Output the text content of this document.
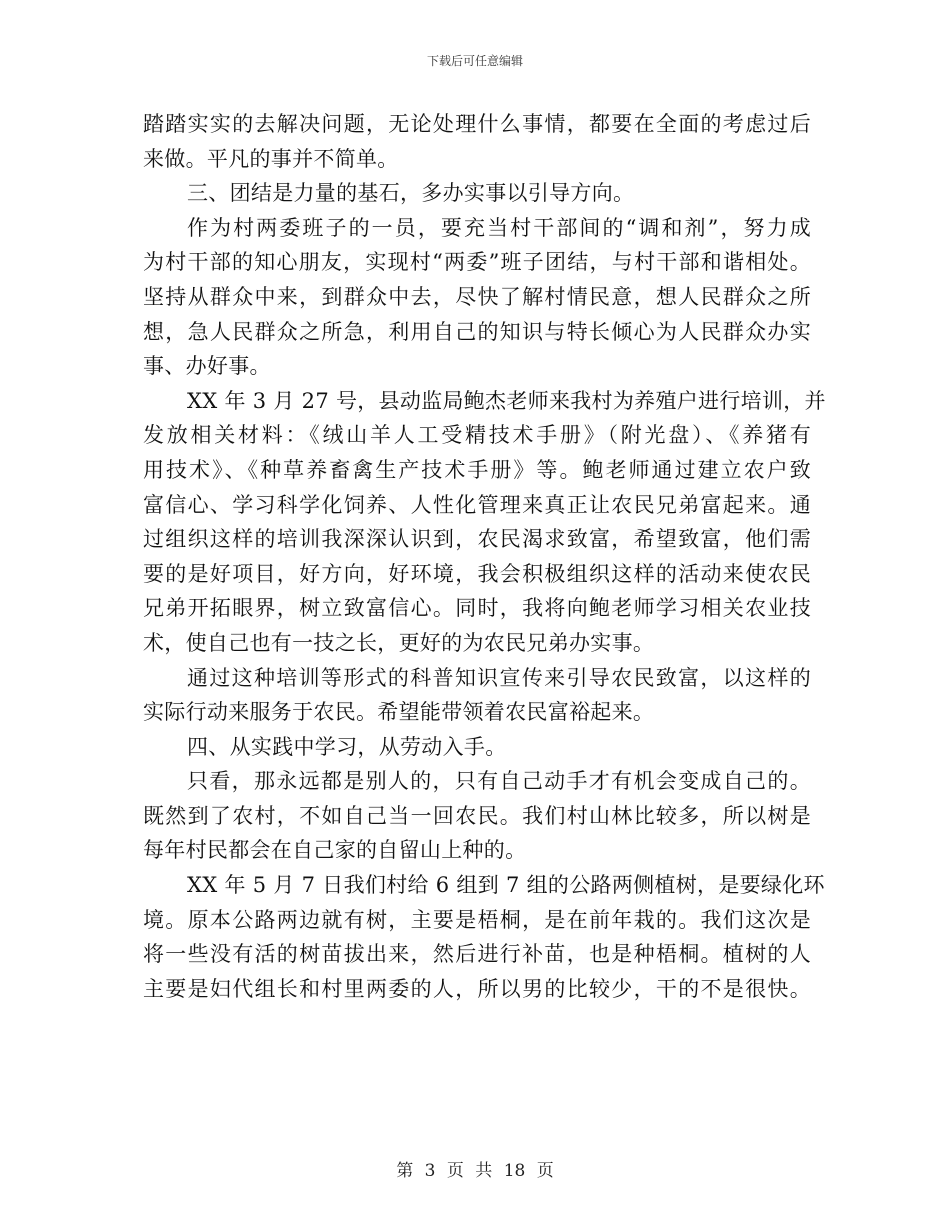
下载后可任意编辑
踏踏实实的去解决问题，无论处理什么事情，都要在全面的考虑过后
来做。平凡的事并不简单。
三、团结是力量的基石，多办实事以引导方向。
作为村两委班子的一员，要充当村干部间的“调和剂”，努力成
为村干部的知心朋友，实现村“两委”班子团结，与村干部和谐相处。
坚持从群众中来，到群众中去，尽快了解村情民意，想人民群众之所
想，急人民群众之所急，利用自己的知识与特长倾心为人民群众办实
事、办好事。
XX 年 3 月 27 号，县动监局鲍杰老师来我村为养殖户进行培训，并
发放相关材料：《绒山羊人工受精技术手册》（附光盘）、《养猪有
用技术》、《种草养畜禽生产技术手册》等。鲍老师通过建立农户致
富信心、学习科学化饲养、人性化管理来真正让农民兄弟富起来。通
过组织这样的培训我深深认识到，农民渴求致富，希望致富，他们需
要的是好项目，好方向，好环境，我会积极组织这样的活动来使农民
兄弟开拓眼界，树立致富信心。同时，我将向鲍老师学习相关农业技
术，使自己也有一技之长，更好的为农民兄弟办实事。
通过这种培训等形式的科普知识宣传来引导农民致富，以这样的
实际行动来服务于农民。希望能带领着农民富裕起来。
四、从实践中学习，从劳动入手。
只看，那永远都是别人的，只有自己动手才有机会变成自己的。
既然到了农村，不如自己当一回农民。我们村山林比较多，所以树是
每年村民都会在自己家的自留山上种的。
XX 年 5 月 7 日我们村给 6 组到 7 组的公路两侧植树，是要绿化环
境。原本公路两边就有树，主要是梧桐，是在前年栽的。我们这次是
将一些没有活的树苗拔出来，然后进行补苗，也是种梧桐。植树的人
主要是妇代组长和村里两委的人，所以男的比较少，干的不是很快。
第 3 页 共 18 页
